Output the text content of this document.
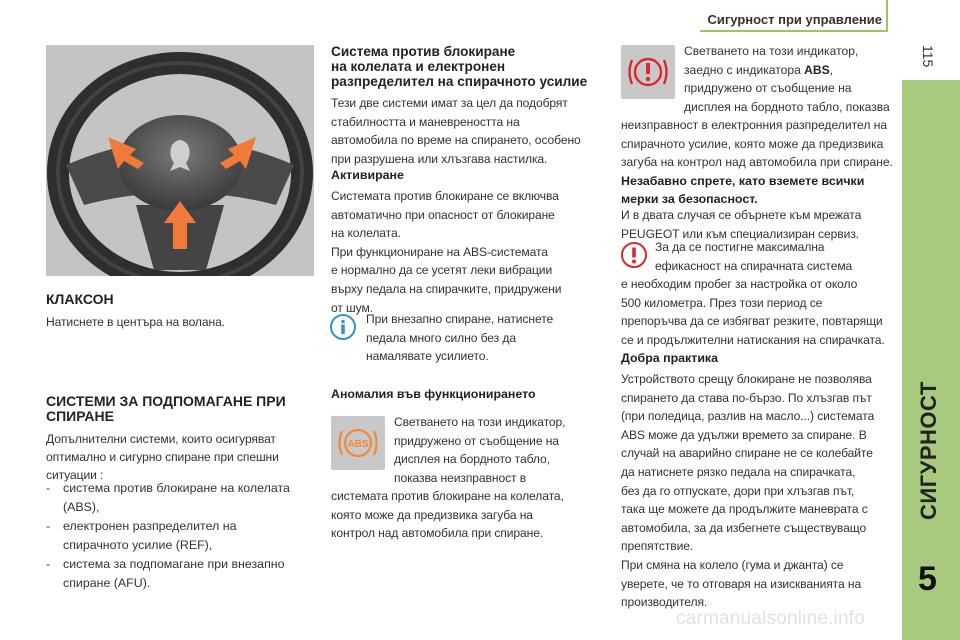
Сигурност при управление
115
СИГУРНОСТ
5
КЛАКСОН
Натиснете в центъра на волана.
СИСТЕМИ ЗА ПОДПОМАГАНЕ ПРИ
СПИРАНЕ
Допълнителни системи, които осигуряват
оптимално и сигурно спиране при спешни
ситуации :
- система против блокиране на колелата
(ABS),
- електронен разпределител на
спирачното усилие (REF),
- система за подпомагане при внезапно
спиране (AFU).
Система против блокиране
на колелата и електронен
разпределител на спирачното усилие
Тези две системи имат за цел да подобрят
стабилността и маневреността на
автомобила по време на спирането, особено
при разрушена или хлъзгава настилка.
Активиране
Системата против блокиране се включва
автоматично при опасност от блокиране
на колелата.
При функциониране на ABS-системата
е нормално да се усетят леки вибрации
върху педала на спирачките, придружени
от шум.
При внезапно спиране, натиснете
педала много силно без да
намалявате усилието.
Аномалия във функционирането
ABS
Светването на този индикатор,
придружено от съобщение на
дисплея на бордното табло,
показва неизправност в
системата против блокиране на колелата,
която може да предизвика загуба на
контрол над автомобила при спиране.
Светването на този индикатор,
заедно с индикатора ABS,
придружено от съобщение на
дисплея на бордното табло, показва
неизправност в електронния разпределител на
спирачното усилие, която може да предизвика
загуба на контрол над автомобила при спиране.
Незабавно спрете, като вземете всички
мерки за безопасност.
И в двата случая се обърнете към мрежата
PEUGEOT или към специализиран сервиз.
За да се постигне максимална
ефикасност на спирачната система
е необходим пробег за настройка от около
500 километра. През този период се
препоръчва да се избягват резките, повтарящи
се и продължителни натискания на спирачката.
Добра практика
Устройството срещу блокиране не позволява
спирането да става по-бързо. По хлъзгав път
(при поледица, разлив на масло...) системата
ABS може да удължи времето за спиране. В
случай на аварийно спиране не се колебайте
да натиснете рязко педала на спирачката,
без да го отпускате, дори при хлъзгав път,
така ще можете да продължите маневрата с
автомобила, за да избегнете съществуващо
препятствие.
При смяна на колело (гума и джанта) се
уверете, че то отговаря на изискванията на
производителя.
carmanualsonline.info
